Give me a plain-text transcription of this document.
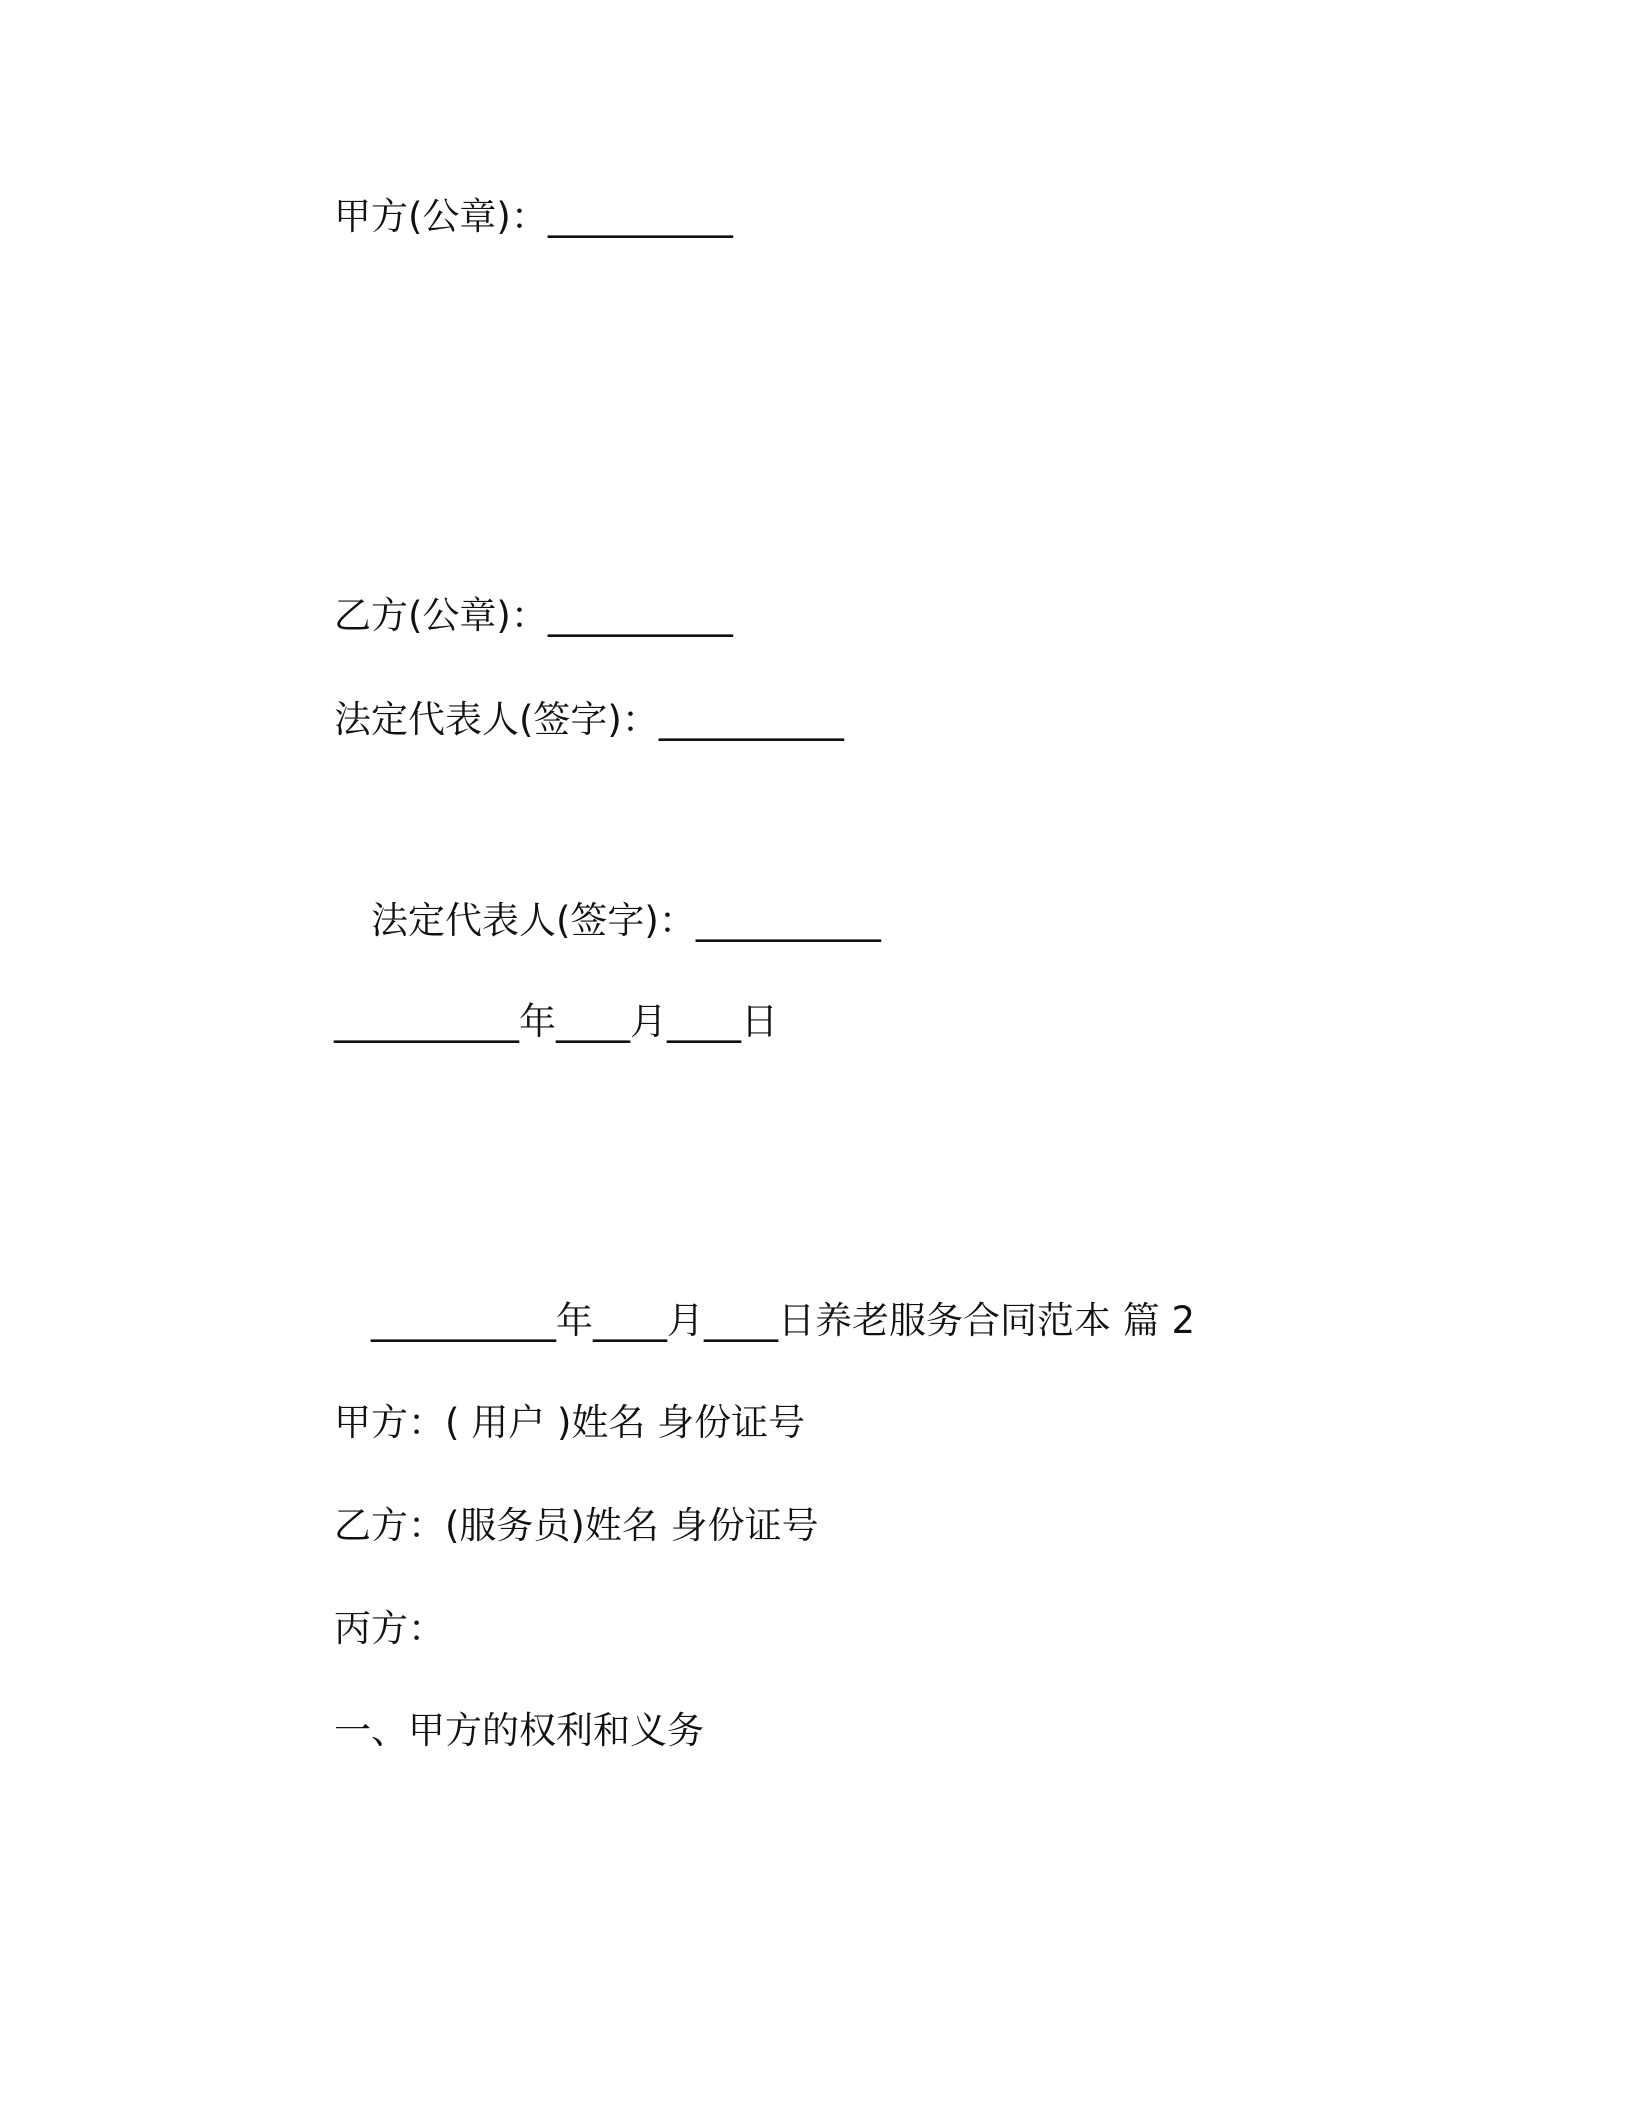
甲方(公章)：__________
乙方(公章)：__________
法定代表人(签字)：__________
法定代表人(签字)：__________
__________年____月____日
__________年____月____日养老服务合同范本 篇 2
甲方：( 用户 )姓名 身份证号
乙方：(服务员)姓名 身份证号
丙方：
一、甲方的权利和义务
